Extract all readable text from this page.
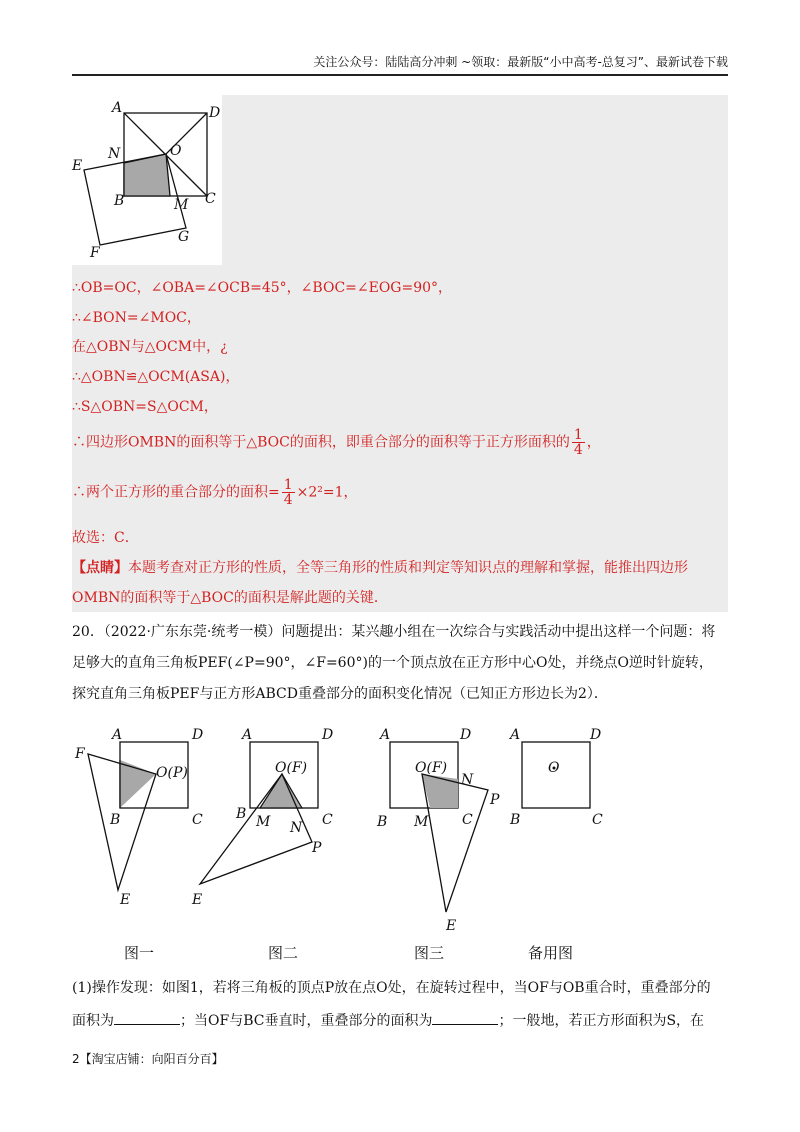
关注公众号：陆陆高分冲刺 ~领取：最新版“小中高考-总复习”、最新试卷下载
A	D
N	O
E
B	M C
F
G
∴OB=OC，∠OBA=∠OCB=45°，∠BOC=∠EOG=90°，
∴∠BON=∠MOC，
在△OBN与△OCM中，¿
∴△OBN≌△OCM(ASA)，
∴S△OBN=S△OCM，
∴四边形OMBN的面积等于△BOC的面积，即重合部分的面积等于正方形面积的 $\frac{1}{4}$ ，
∴两个正方形的重合部分的面积= $\frac{1}{4} \times 2^2=1$，
故选：C．
【点睛】本题考查对正方形的性质，全等三角形的性质和判定等知识点的理解和掌握，能推出四边形
OMBN的面积等于△BOC的面积是解此题的关键．
20．（2022·广东东莞·统考一模）问题提出：某兴趣小组在一次综合与实践活动中提出这样一个问题：将
足够大的直角三角板PEF(∠P=90°，∠F=60°)的一个顶点放在正方形中心O处，并绕点O逆时针旋转，
探究直角三角板PEF与正方形ABCD重叠部分的面积变化情况（已知正方形边长为2）．
A	D
F
O(P)
B	C
E
A	D
O(F)
B M N C
P
E
A	D
O(F)
N
P
B M C
E
A	D
O
B	C
图一	图二	图三	备用图
(1)操作发现：如图1，若将三角板的顶点P放在点O处，在旋转过程中，当OF与OB重合时，重叠部分的
面积为	；当OF与BC垂直时，重叠部分的面积为	；一般地，若正方形面积为S，在
2【淘宝店铺：向阳百分百】
